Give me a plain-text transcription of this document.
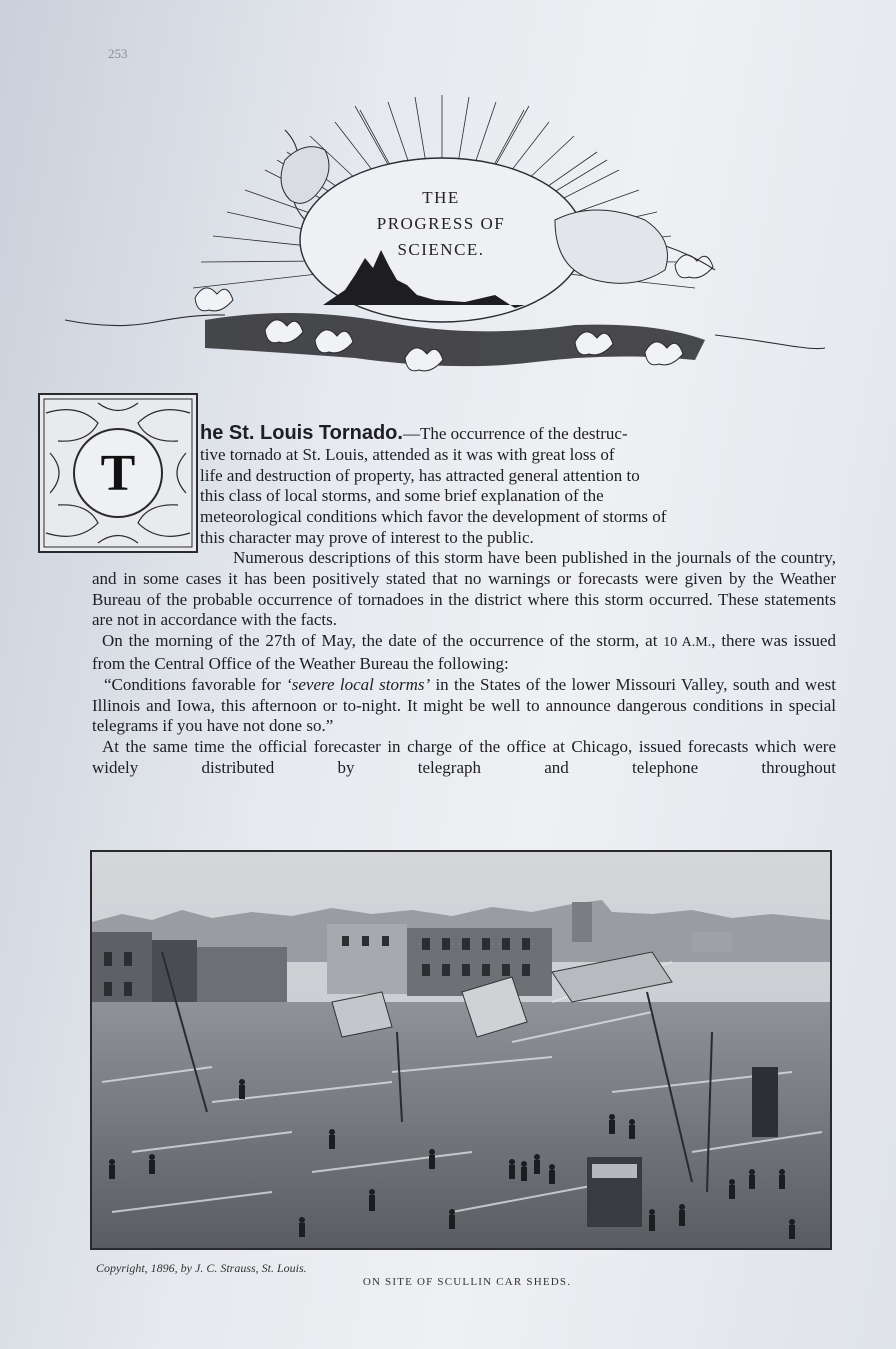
253
THE
PROGRESS OF
SCIENCE.
T
he St. Louis Tornado.—The occurrence of the destruc-
tive tornado at St. Louis, attended as it was with great loss of
life and destruction of property, has attracted general attention to
this class of local storms, and some brief explanation of the
meteorological conditions which favor the development of storms of
this character may prove of interest to the public.

Numerous descriptions of this storm have been published in the journals of the country, and in some cases it has been positively stated that no warnings or forecasts were given by the Weather Bureau of the probable occurrence of tornadoes in the district where this storm occurred. These statements are not in accordance with the facts.

On the morning of the 27th of May, the date of the occurrence of the storm, at 10 A.M., there was issued from the Central Office of the Weather Bureau the following:

“Conditions favorable for ‘severe local storms’ in the States of the lower Missouri Valley, south and west Illinois and Iowa, this afternoon or to-night. It might be well to announce dangerous conditions in special telegrams if you have not done so.”

At the same time the official forecaster in charge of the office at Chicago, issued forecasts which were widely distributed by telegraph and telephone throughout

Copyright, 1896, by J. C. Strauss, St. Louis.
ON SITE OF SCULLIN CAR SHEDS.
